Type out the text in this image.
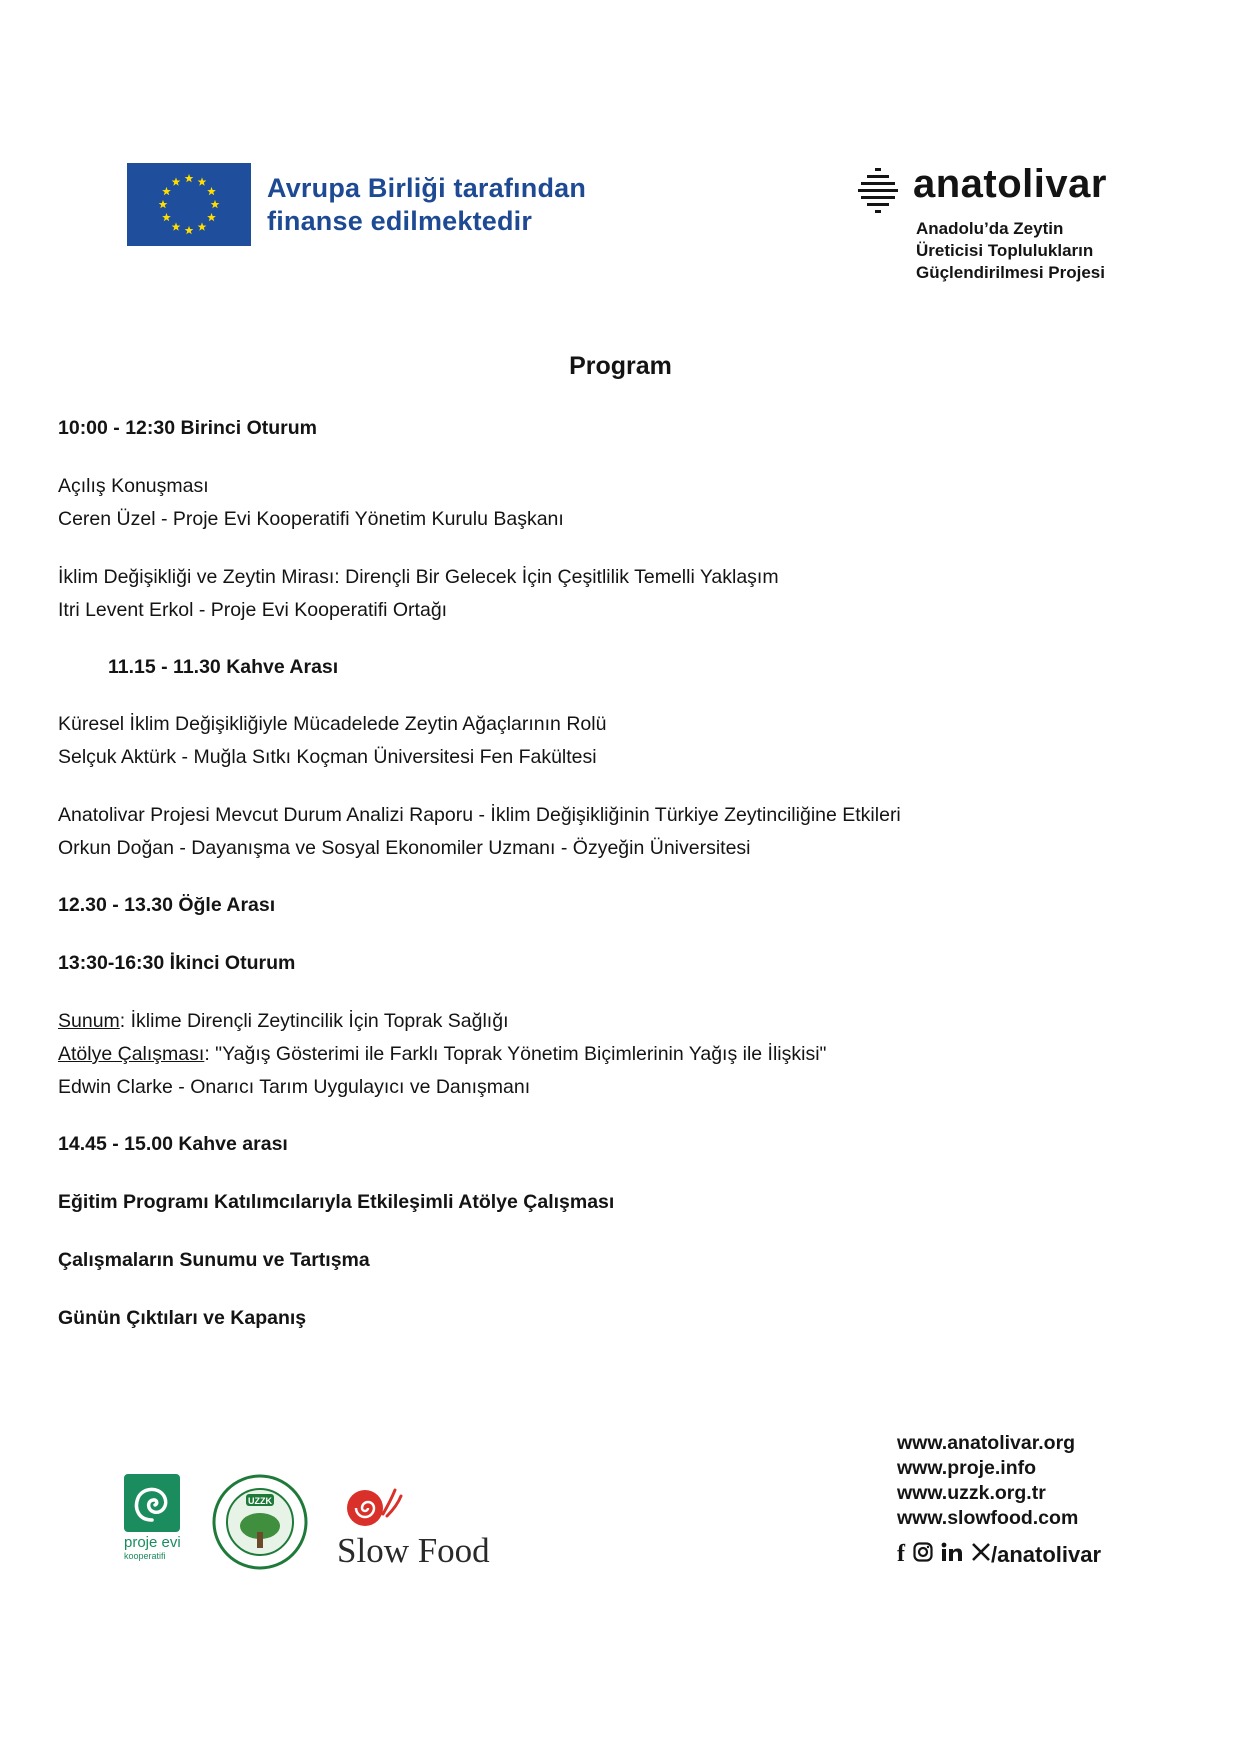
Avrupa Birliği tarafından
finanse edilmektedir
anatolivar
Anadolu’da Zeytin
Üreticisi Toplulukların
Güçlendirilmesi Projesi
Program
10:00 - 12:30 Birinci Oturum
Açılış Konuşması
Ceren Üzel - Proje Evi Kooperatifi Yönetim Kurulu Başkanı
İklim Değişikliği ve Zeytin Mirası: Dirençli Bir Gelecek İçin Çeşitlilik Temelli Yaklaşım
Itri Levent Erkol - Proje Evi Kooperatifi Ortağı
11.15 - 11.30 Kahve Arası
Küresel İklim Değişikliğiyle Mücadelede Zeytin Ağaçlarının Rolü
Selçuk Aktürk - Muğla Sıtkı Koçman Üniversitesi Fen Fakültesi
Anatolivar Projesi Mevcut Durum Analizi Raporu - İklim Değişikliğinin Türkiye Zeytinciliğine Etkileri
Orkun Doğan - Dayanışma ve Sosyal Ekonomiler Uzmanı - Özyeğin Üniversitesi
12.30 - 13.30 Öğle Arası
13:30-16:30 İkinci Oturum
Sunum: İklime Dirençli Zeytincilik İçin Toprak Sağlığı
Atölye Çalışması: "Yağış Gösterimi ile Farklı Toprak Yönetim Biçimlerinin Yağış ile İlişkisi"
Edwin Clarke - Onarıcı Tarım Uygulayıcı ve Danışmanı
14.45 - 15.00 Kahve arası
Eğitim Programı Katılımcılarıyla Etkileşimli Atölye Çalışması
Çalışmaların Sunumu ve Tartışma
Günün Çıktıları ve Kapanış
proje evi
kooperatifi
UZZK
Slow Food
www.anatolivar.org
www.proje.info
www.uzzk.org.tr
www.slowfood.com
f	/anatolivar
